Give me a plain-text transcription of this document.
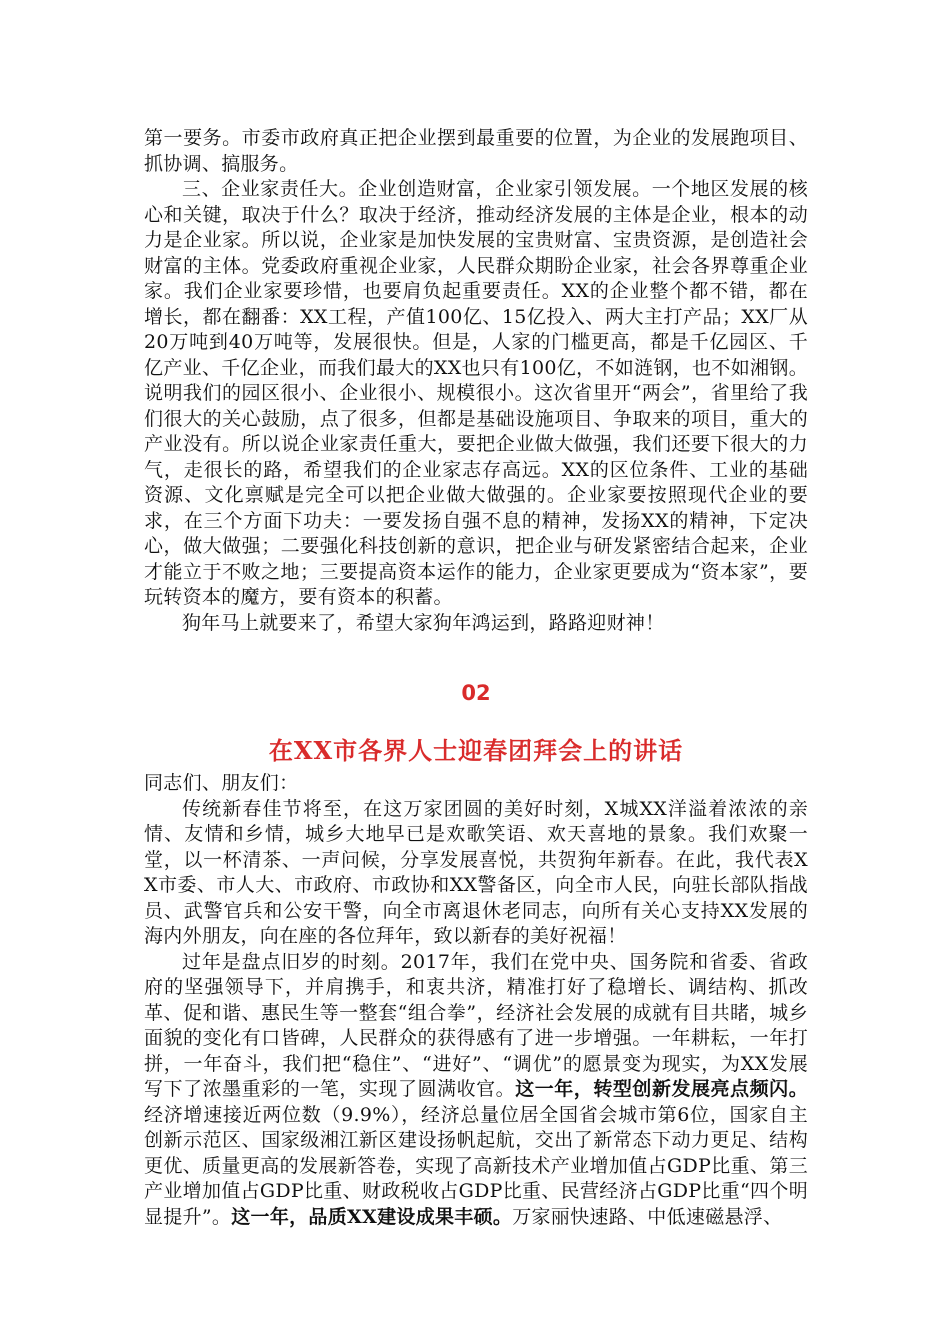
第一要务。市委市政府真正把企业摆到最重要的位置，为企业的发展跑项目、抓协调、搞服务。

三、企业家责任大。企业创造财富，企业家引领发展。一个地区发展的核心和关键，取决于什么？取决于经济，推动经济发展的主体是企业，根本的动力是企业家。所以说，企业家是加快发展的宝贵财富、宝贵资源，是创造社会财富的主体。党委政府重视企业家，人民群众期盼企业家，社会各界尊重企业家。我们企业家要珍惜，也要肩负起重要责任。XX的企业整个都不错，都在增长，都在翻番：XX工程，产值100亿、15亿投入、两大主打产品；XX厂从20万吨到40万吨等，发展很快。但是，人家的门槛更高，都是千亿园区、千亿产业、千亿企业，而我们最大的XX也只有100亿，不如涟钢，也不如湘钢。说明我们的园区很小、企业很小、规模很小。这次省里开“两会”，省里给了我们很大的关心鼓励，点了很多，但都是基础设施项目、争取来的项目，重大的产业没有。所以说企业家责任重大，要把企业做大做强，我们还要下很大的力气，走很长的路，希望我们的企业家志存高远。XX的区位条件、工业的基础资源、文化禀赋是完全可以把企业做大做强的。企业家要按照现代企业的要求，在三个方面下功夫：一要发扬自强不息的精神，发扬XX的精神，下定决心，做大做强；二要强化科技创新的意识，把企业与研发紧密结合起来，企业才能立于不败之地；三要提高资本运作的能力，企业家更要成为“资本家”，要玩转资本的魔方，要有资本的积蓄。

狗年马上就要来了，希望大家狗年鸿运到，路路迎财神！

02
在XX市各界人士迎春团拜会上的讲话

同志们、朋友们：

传统新春佳节将至，在这万家团圆的美好时刻，X城XX洋溢着浓浓的亲情、友情和乡情，城乡大地早已是欢歌笑语、欢天喜地的景象。我们欢聚一堂，以一杯清茶、一声问候，分享发展喜悦，共贺狗年新春。在此，我代表XX市委、市人大、市政府、市政协和XX警备区，向全市人民，向驻长部队指战员、武警官兵和公安干警，向全市离退休老同志，向所有关心支持XX发展的海内外朋友，向在座的各位拜年，致以新春的美好祝福！

过年是盘点旧岁的时刻。2017年，我们在党中央、国务院和省委、省政府的坚强领导下，并肩携手，和衷共济，精准打好了稳增长、调结构、抓改革、促和谐、惠民生等一整套“组合拳”，经济社会发展的成就有目共睹，城乡面貌的变化有口皆碑，人民群众的获得感有了进一步增强。一年耕耘，一年打拼，一年奋斗，我们把“稳住”、“进好”、“调优”的愿景变为现实，为XX发展写下了浓墨重彩的一笔，实现了圆满收官。这一年，转型创新发展亮点频闪。经济增速接近两位数（9.9%），经济总量位居全国省会城市第6位，国家自主创新示范区、国家级湘江新区建设扬帆起航，交出了新常态下动力更足、结构更优、质量更高的发展新答卷，实现了高新技术产业增加值占GDP比重、第三产业增加值占GDP比重、财政税收占GDP比重、民营经济占GDP比重“四个明显提升”。这一年，品质XX建设成果丰硕。万家丽快速路、中低速磁悬浮、
